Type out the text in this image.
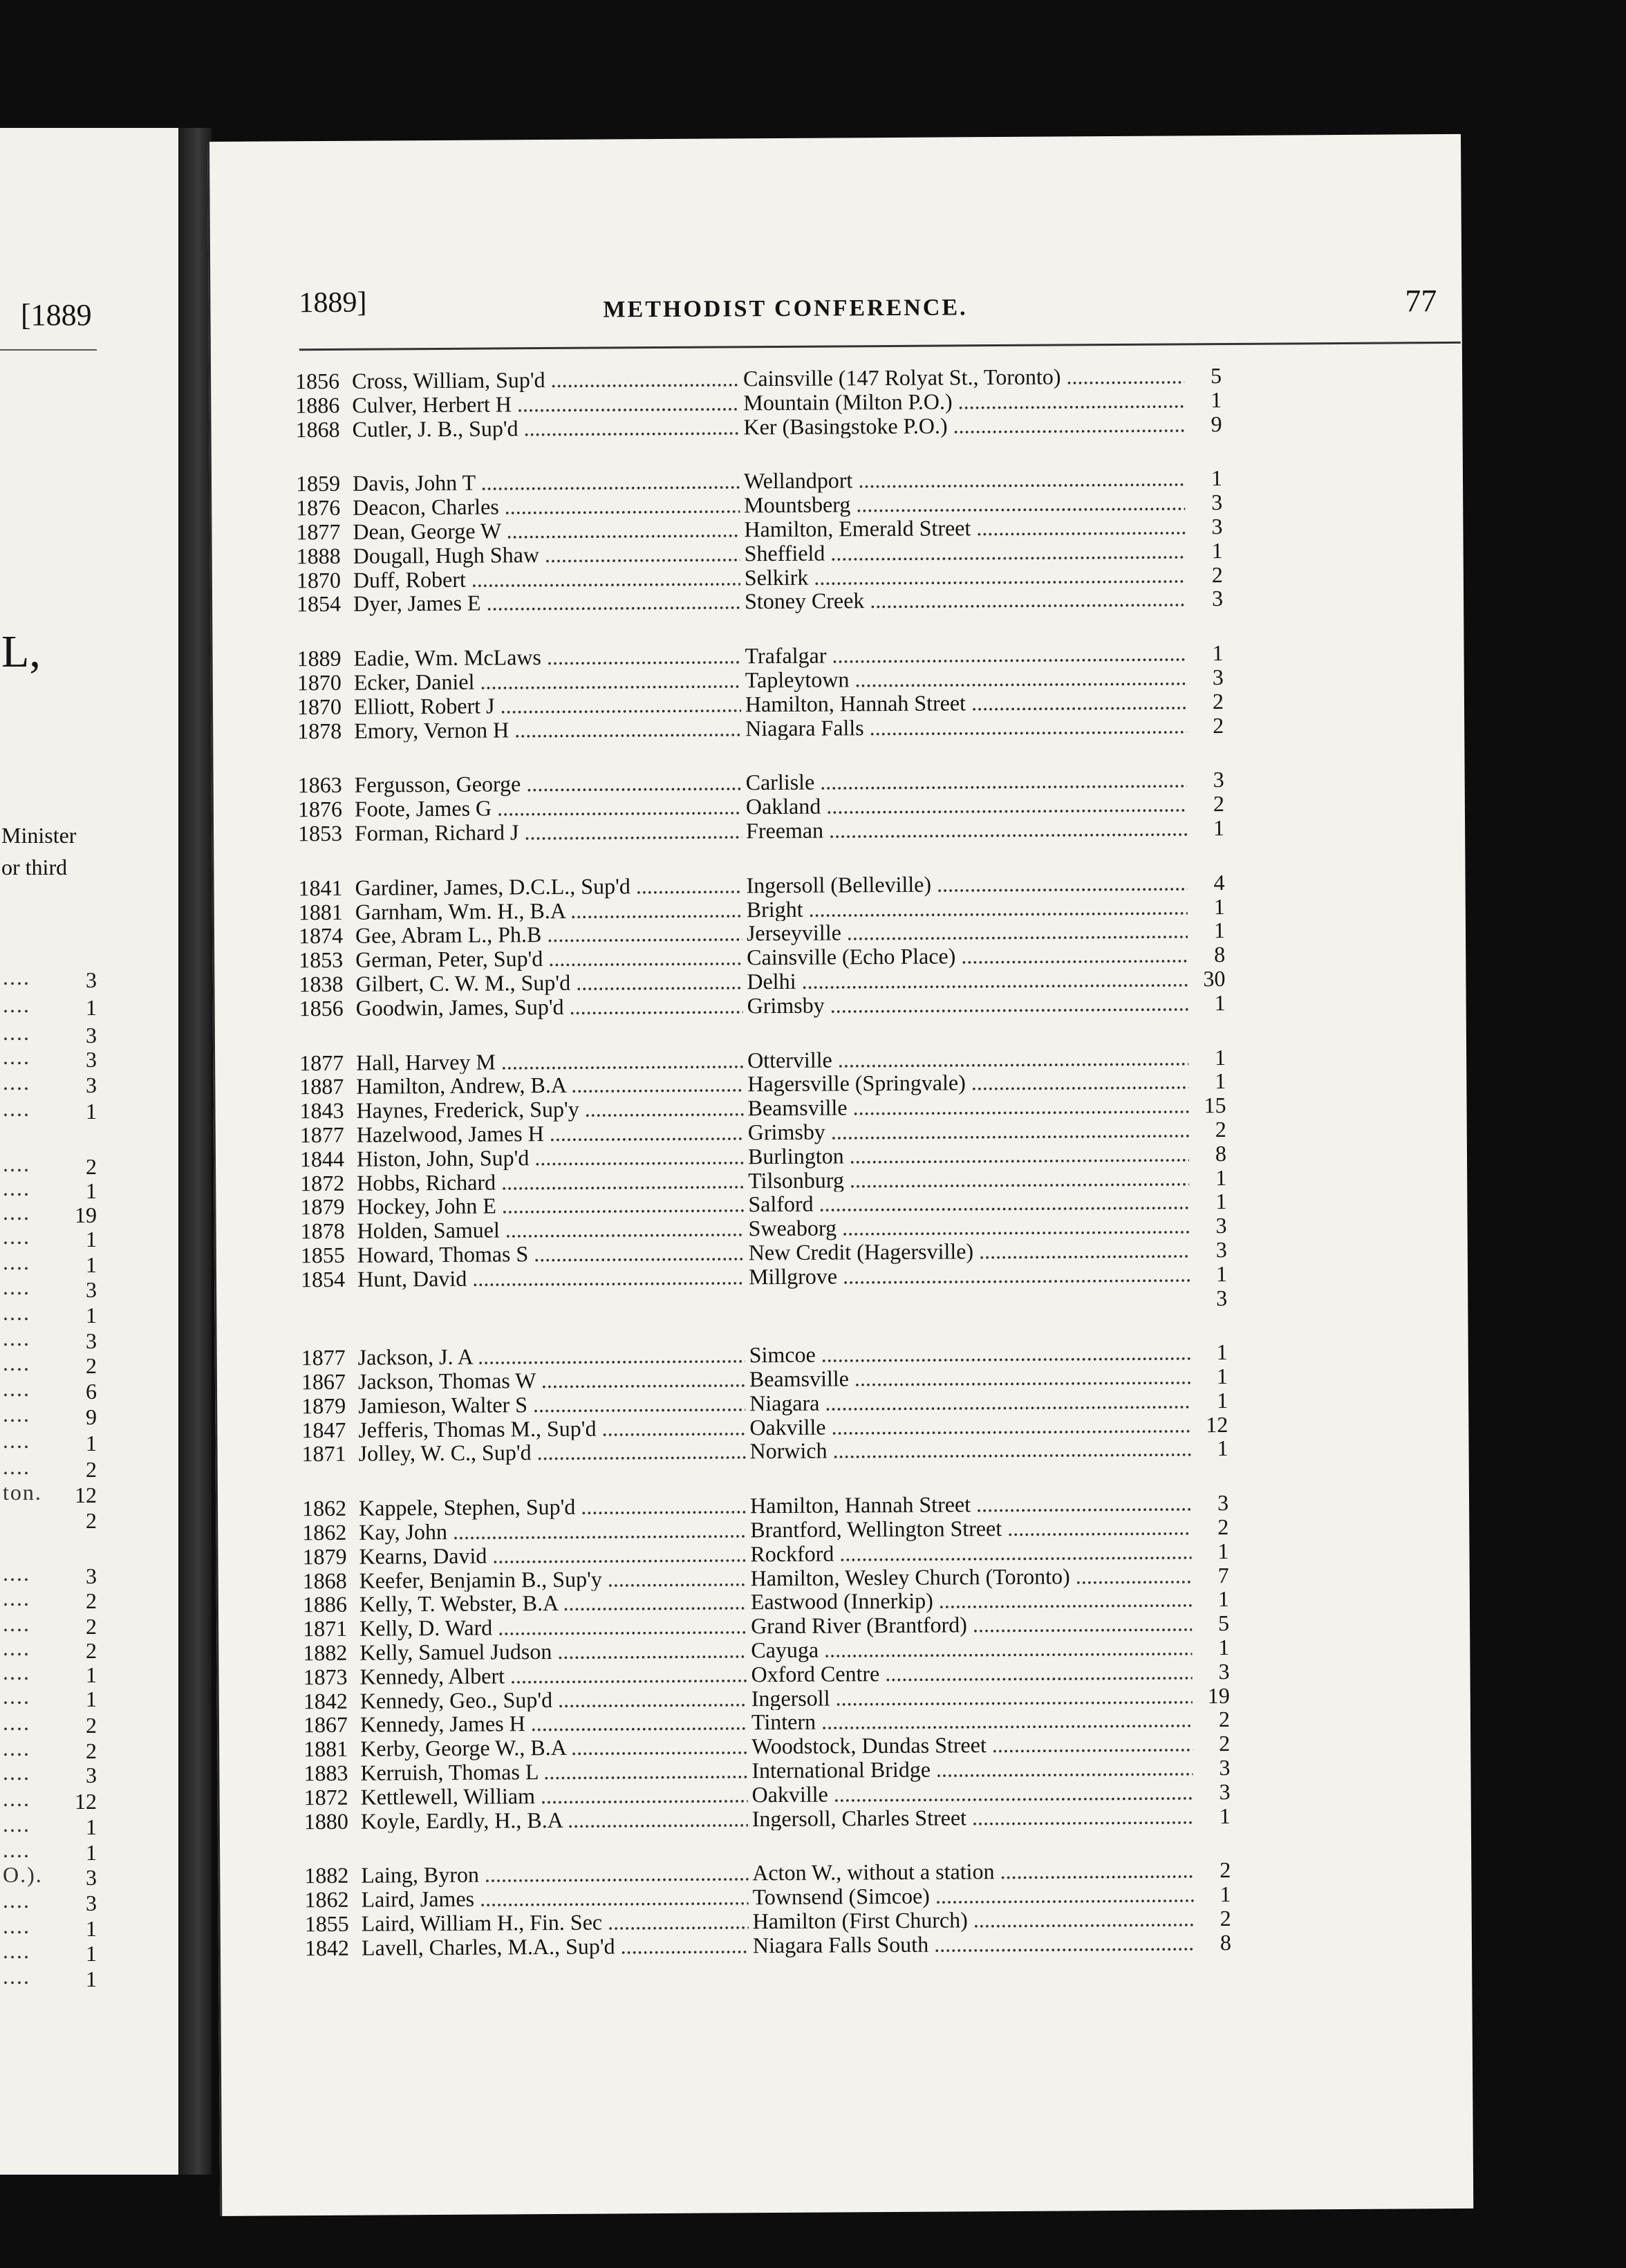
[1889
L,
Minister
or third
....	3
....	1
....	3
....	3
....	3
....	1
....	2
....	1
.... 19
....	1
....	1
....	3
....	1
....	3
....	2
....	6
....	9
....	1
....	2
ton. 12
2
....	3
....	2
....	2
....	2
....	1
....	1
....	2
....	2
....	3
.... 12
....	1
....	1
O.). 3
....	3
....	1
....	1
....	1
1889]	METHODIST CONFERENCE.	77
1856 Cross, William, Sup'd .....	Cainsville (147 Rolyat St., Toronto) .....	5
1886 Culver, Herbert H .....	Mountain (Milton P.O.) .....	1
1868 Cutler, J. B., Sup'd .....	Ker (Basingstoke P.O.) .....	9
1859 Davis, John T .....	Wellandport .....	1
1876 Deacon, Charles .....	Mountsberg .....	3
1877 Dean, George W .....	Hamilton, Emerald Street .....	3
1888 Dougall, Hugh Shaw .....	Sheffield .....	1
1870 Duff, Robert .....	Selkirk .....	2
1854 Dyer, James E .....	Stoney Creek .....	3
1889 Eadie, Wm. McLaws .....	Trafalgar .....	1
1870 Ecker, Daniel .....	Tapleytown .....	3
1870 Elliott, Robert J .....	Hamilton, Hannah Street .....	2
1878 Emory, Vernon H .....	Niagara Falls .....	2
1863 Fergusson, George .....	Carlisle .....	3
1876 Foote, James G .....	Oakland .....	2
1853 Forman, Richard J .....	Freeman .....	1
1841 Gardiner, James, D.C.L., Sup'd .....	Ingersoll (Belleville) .....	4
1881 Garnham, Wm. H., B.A .....	Bright .....	1
1874 Gee, Abram L., Ph.B .....	Jerseyville .....	1
1853 German, Peter, Sup'd .....	Cainsville (Echo Place) .....	8
1838 Gilbert, C. W. M., Sup'd .....	Delhi .....	30
1856 Goodwin, James, Sup'd .....	Grimsby .....	1
1877 Hall, Harvey M .....	Otterville .....	1
1887 Hamilton, Andrew, B.A .....	Hagersville (Springvale) .....	1
1843 Haynes, Frederick, Sup'y .....	Beamsville .....	15
1877 Hazelwood, James H .....	Grimsby .....	2
1844 Histon, John, Sup'd .....	Burlington .....	8
1872 Hobbs, Richard .....	Tilsonburg .....	1
1879 Hockey, John E .....	Salford .....	1
1878 Holden, Samuel .....	Sweaborg .....	3
1855 Howard, Thomas S .....	New Credit (Hagersville) .....	3
1854 Hunt, David .....	Millgrove .....	1
3
1877 Jackson, J. A .....	Simcoe .....	1
1867 Jackson, Thomas W .....	Beamsville .....	1
1879 Jamieson, Walter S .....	Niagara .....	1
1847 Jefferis, Thomas M., Sup'd .....	Oakville .....	12
1871 Jolley, W. C., Sup'd .....	Norwich .....	1
1862 Kappele, Stephen, Sup'd .....	Hamilton, Hannah Street .....	3
1862 Kay, John .....	Brantford, Wellington Street .....	2
1879 Kearns, David .....	Rockford .....	1
1868 Keefer, Benjamin B., Sup'y .....	Hamilton, Wesley Church (Toronto) .....	7
1886 Kelly, T. Webster, B.A .....	Eastwood (Innerkip) .....	1
1871 Kelly, D. Ward .....	Grand River (Brantford) .....	5
1882 Kelly, Samuel Judson .....	Cayuga .....	1
1873 Kennedy, Albert .....	Oxford Centre .....	3
1842 Kennedy, Geo., Sup'd .....	Ingersoll .....	19
1867 Kennedy, James H .....	Tintern .....	2
1881 Kerby, George W., B.A .....	Woodstock, Dundas Street .....	2
1883 Kerruish, Thomas L .....	International Bridge .....	3
1872 Kettlewell, William .....	Oakville .....	3
1880 Koyle, Eardly, H., B.A .....	Ingersoll, Charles Street .....	1
1882 Laing, Byron .....	Acton W., without a station .....	2
1862 Laird, James .....	Townsend (Simcoe) .....	1
1855 Laird, William H., Fin. Sec .....	Hamilton (First Church) .....	2
1842 Lavell, Charles, M.A., Sup'd .....	Niagara Falls South .....	8
